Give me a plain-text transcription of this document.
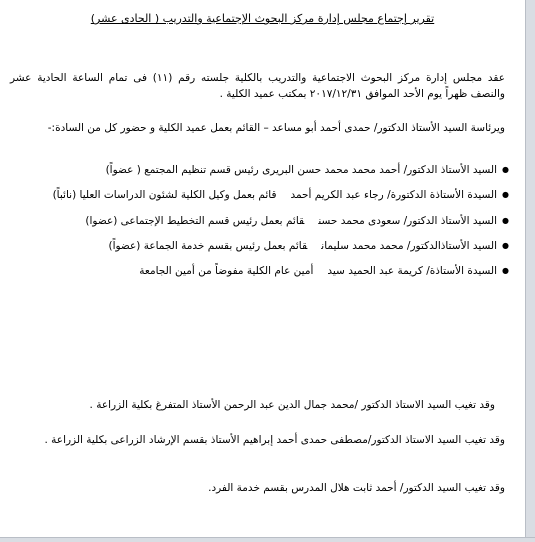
تقرير إجتماع مجلس إدارة مركز البحوث الإجتماعية والتدريب ( الحادى عشر)
عقد مجلس إدارة مركز البحوث الاجتماعية والتدريب بالكلية جلسته رقم (١١) فى تمام الساعة الحادية عشر والنصف ظهراً يوم الأحد الموافق ٢٠١٧/١٢/٣١ بمكتب عميد الكلية .
ويرئاسة السيد الأستاذ الدكتور/ حمدى أحمد أبو مساعد – القائم بعمل عميد الكلية و حضور كل من السادة:-
● السيد الأستاذ الدكتور/ أحمد محمد محمد حسن البريرى رئيس قسم تنظيم المجتمع ( عضواً)
● السيدة الأستاذة الدكتورة/ رجاء عبد الكريم أحمدقائم بعمل وكيل الكلية لشئون الدراسات العليا (نائباً)
● السيد الأستاذ الدكتور/ سعودى محمد حسنقائم بعمل رئيس قسم التخطيط الإجتماعى (عضوا)
● السيد الأستاذالدكتور/ محمد محمد سليمانقائم بعمل رئيس بقسم خدمة الجماعة (عضواً)
● السيدة الأستاذة/ كريمة عبد الحميد سيدأمين عام الكلية مفوضاً من أمين الجامعة
وقد تغيب السيد الاستاذ الدكتور /محمد جمال الدين عبد الرحمن الأستاذ المتفرغ بكلية الزراعة .
وقد تغيب السيد الاستاذ الدكتور/مصطفى حمدى أحمد إبراهيم الأستاذ بقسم الإرشاد الزراعى بكلية الزراعة .
وقد تغيب السيد الدكتور/ أحمد ثابت هلال المدرس بقسم خدمة الفرد.
